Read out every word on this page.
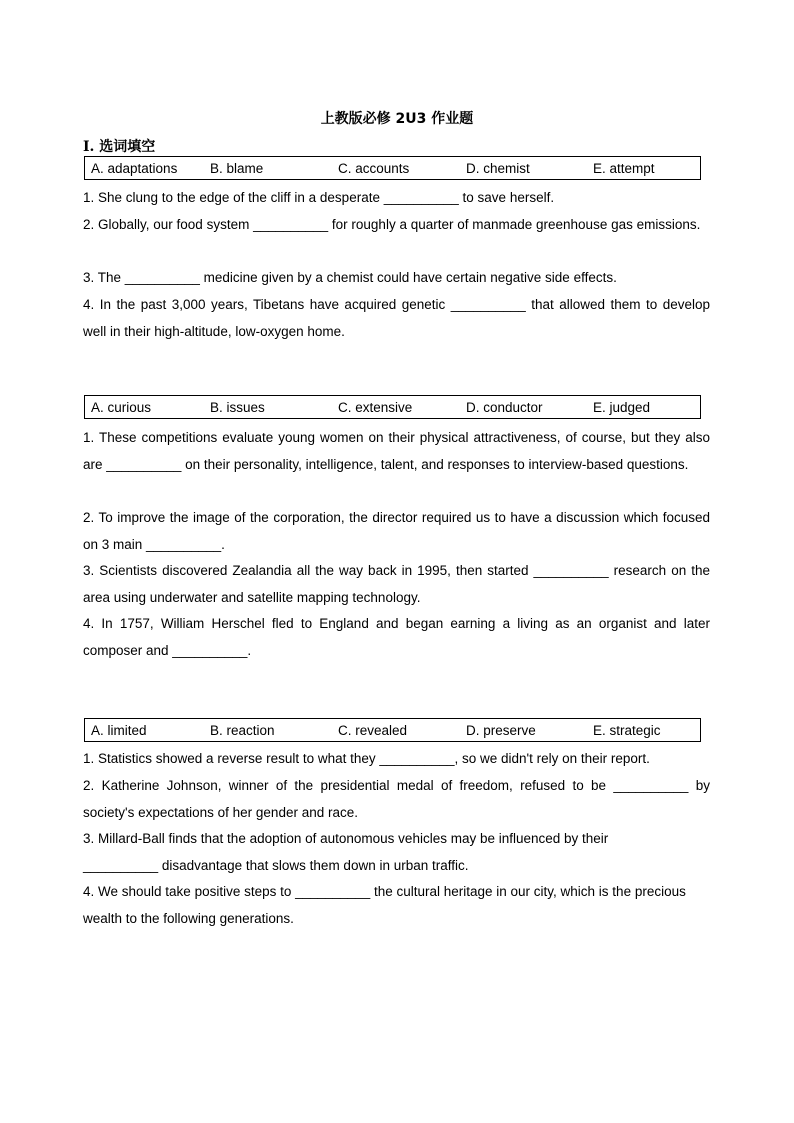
上教版必修 2U3 作业题
I. 选词填空
A. adaptations B. blame	C. accounts	D. chemist	E. attempt
1. She clung to the edge of the cliff in a desperate __________ to save herself.
2. Globally, our food system __________ for roughly a quarter of manmade greenhouse gas emissions.
3. The __________ medicine given by a chemist could have certain negative side effects.
4. In the past 3,000 years, Tibetans have acquired genetic __________ that allowed them to develop well in their high-altitude, low-oxygen home.
A. curious	B. issues	C. extensive	D. conductor	E. judged
1. These competitions evaluate young women on their physical attractiveness, of course, but they also are __________ on their personality, intelligence, talent, and responses to interview-based questions.
2. To improve the image of the corporation, the director required us to have a discussion which focused on 3 main __________.
3. Scientists discovered Zealandia all the way back in 1995, then started __________ research on the area using underwater and satellite mapping technology.
4. In 1757, William Herschel fled to England and began earning a living as an organist and later composer and __________.
A. limited	B. reaction	C. revealed	D. preserve	E. strategic
1. Statistics showed a reverse result to what they __________, so we didn't rely on their report.
2. Katherine Johnson, winner of the presidential medal of freedom, refused to be __________ by society's expectations of her gender and race.
3. Millard-Ball finds that the adoption of autonomous vehicles may be influenced by their __________ disadvantage that slows them down in urban traffic.
4. We should take positive steps to __________ the cultural heritage in our city, which is the precious wealth to the following generations.
